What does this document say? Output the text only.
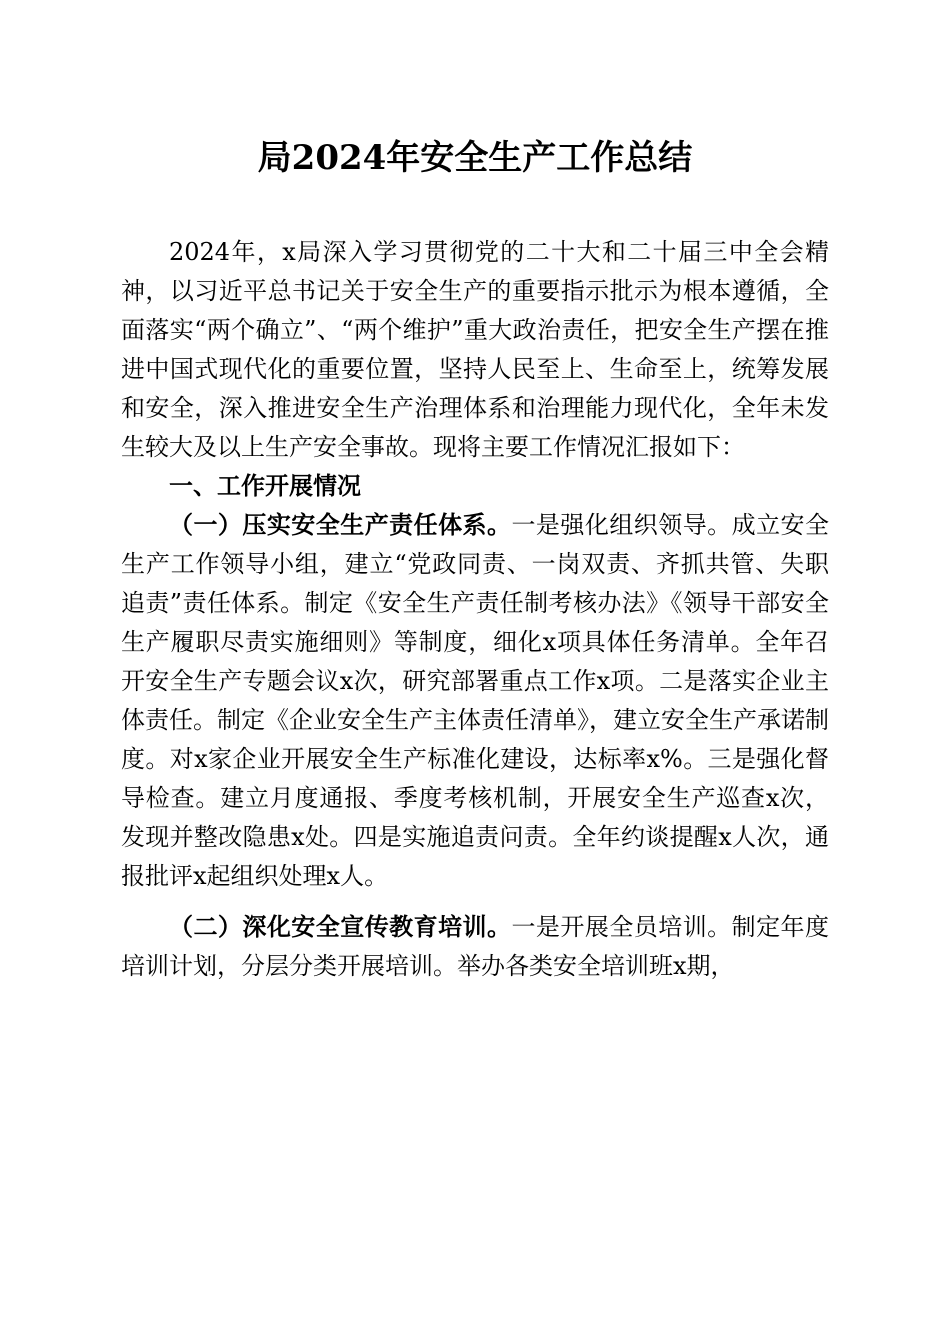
局2024年安全生产工作总结

2024年，x局深入学习贯彻党的二十大和二十届三中全会精神，以习近平总书记关于安全生产的重要指示批示为根本遵循，全面落实“两个确立”、“两个维护”重大政治责任，把安全生产摆在推进中国式现代化的重要位置，坚持人民至上、生命至上，统筹发展和安全，深入推进安全生产治理体系和治理能力现代化，全年未发生较大及以上生产安全事故。现将主要工作情况汇报如下：

一、工作开展情况

（一）压实安全生产责任体系。一是强化组织领导。成立安全生产工作领导小组，建立“党政同责、一岗双责、齐抓共管、失职追责”责任体系。制定《安全生产责任制考核办法》《领导干部安全生产履职尽责实施细则》等制度，细化x项具体任务清单。全年召开安全生产专题会议x次，研究部署重点工作x项。二是落实企业主体责任。制定《企业安全生产主体责任清单》，建立安全生产承诺制度。对x家企业开展安全生产标准化建设，达标率x%。三是强化督导检查。建立月度通报、季度考核机制，开展安全生产巡查x次，发现并整改隐患x处。四是实施追责问责。全年约谈提醒x人次，通报批评x起组织处理x人。

（二）深化安全宣传教育培训。一是开展全员培训。制定年度培训计划，分层分类开展培训。举办各类安全培训班x期，
